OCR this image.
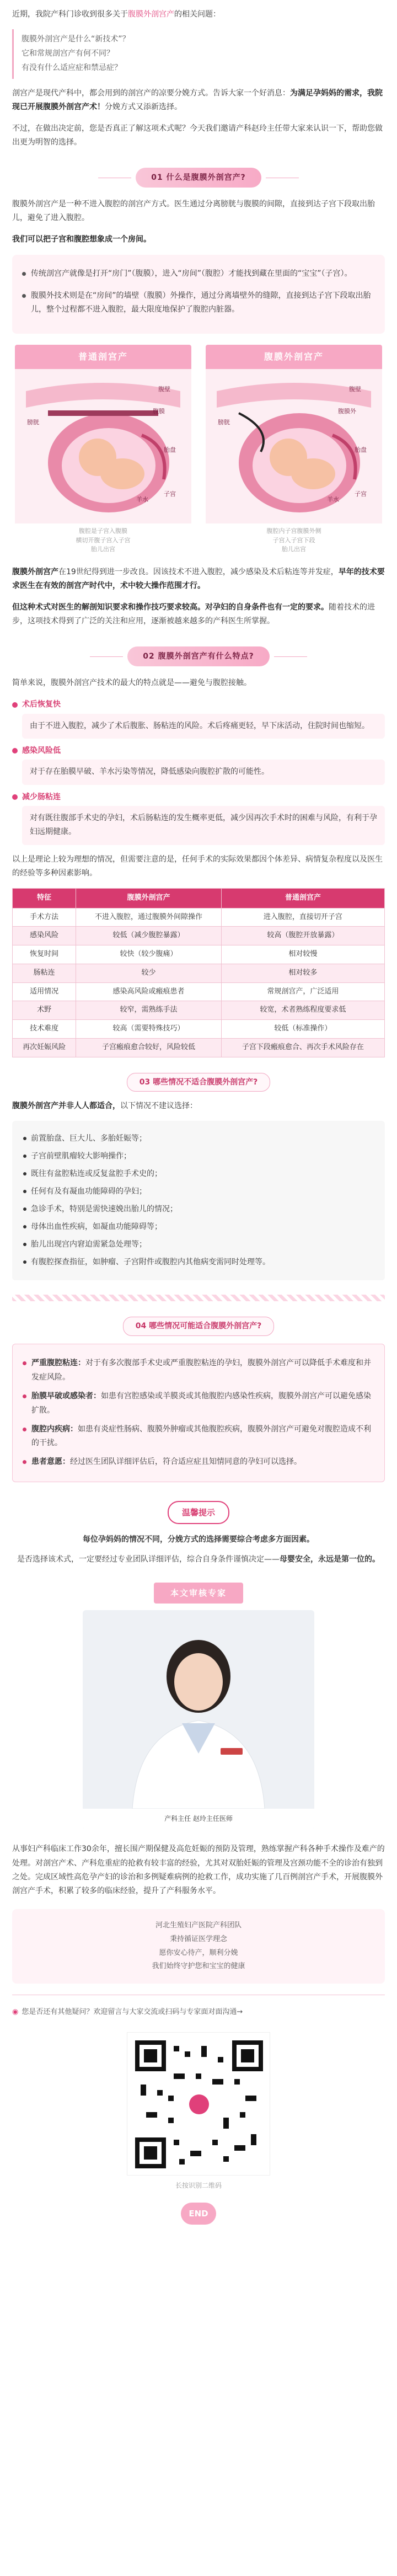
近期，我院产科门诊收到很多关于腹膜外剖宫产的相关问题：

腹膜外剖宫产是什么“新技术”？
它和常规剖宫产有何不同？
有没有什么适应症和禁忌症？

剖宫产是现代产科中，都会用到的剖宫产的凉要分娩方式。告诉大家一个好消息：为满足孕妈妈的需求，我院现已开展腹膜外剖宫产术！分娩方式又添新选择。

不过，在做出决定前，您是否真正了解这项术式呢？今天我们邀请产科赵玲主任带大家来认识一下，帮助您做出更为明智的选择。

01 什么是腹膜外剖宫产?

腹膜外剖宫产是一种不进入腹腔的剖宫产方式。医生通过分离膀胱与腹膜的间隙，直接到达子宫下段取出胎儿，避免了进入腹腔。

我们可以把子宫和腹腔想象成一个房间。

传统剖宫产就像是打开“房门”（腹膜），进入“房间”（腹腔）才能找到藏在里面的“宝宝”（子宫）。
腹膜外技术则是在“房间”的墙壁（腹膜）外操作，通过分离墙壁外的缝隙，直接到达子宫下段取出胎儿，整个过程都不进入腹腔，最大限度地保护了腹腔内脏器。
普通剖宫产
膀胱
腹膜
腹壁
子宫
羊水
胎盘
腹腔是子宫入腹膜
横切开腹子宫入子宫
胎儿出宫
腹膜外剖宫产
膀胱
腹膜外
腹壁
子宫
羊水
胎盘
腹腔内子宫腹膜外侧
子宫入子宫下段
胎儿出宫

腹膜外剖宫产在19世纪得到进一步改良。因该技术不进入腹腔，减少感染及术后粘连等并发症，早年的技术要求医生在有效的剖宫产时代中，术中较大操作范围才行。

但这种术式对医生的解剖知识要求和操作技巧要求较高。对孕妇的自身条件也有一定的要求。随着技术的进步，这项技术得到了广泛的关注和应用，逐渐被越来越多的产科医生所掌握。

02 腹膜外剖宫产有什么特点?

简单来说，腹膜外剖宫产技术的最大的特点就是——避免与腹腔接触。

术后恢复快
由于不进入腹腔，减少了术后腹胀、肠粘连的风险。术后疼痛更轻，早下床活动，住院时间也缩短。
感染风险低
对于存在胎膜早破、羊水污染等情况，降低感染向腹腔扩散的可能性。
减少肠粘连
对有既往腹部手术史的孕妇，术后肠粘连的发生概率更低，减少因再次手术时的困难与风险，有利于孕妇远期健康。

以上是理论上较为理想的情况，但需要注意的是，任何手术的实际效果都因个体差异、病情复杂程度以及医生的经验等多种因素影响。

特征	腹膜外剖宫产	普通剖宫产
手术方法	不进入腹腔，通过腹膜外间隙操作	进入腹腔，直接切开子宫
感染风险	较低（减少腹腔暴露）	较高（腹腔开放暴露）
恢复时间	较快（较少腹痛）	相对较慢
肠粘连	较少	相对较多
适用情况	感染高风险或瘢痕患者	常规剖宫产，广泛适用
术野	较窄，需熟练手法	较宽，术者熟练程度要求低
技术难度	较高（需要特殊技巧）	较低（标准操作）
再次妊娠风险	子宫瘢痕愈合较好，风险较低	子宫下段瘢痕愈合、再次手术风险存在
03 哪些情况不适合腹膜外剖宫产?

腹膜外剖宫产并非人人都适合，以下情况不建议选择：

前置胎盘、巨大儿、多胎妊娠等；
子宫前壁肌瘤较大影响操作；
既往有盆腔粘连或反复盆腔手术史的；
任何有及有凝血功能障碍的孕妇；
急诊手术，特别是需快速娩出胎儿的情况；
母体出血性疾病，如凝血功能障碍等；
胎儿出现宫内窘迫需紧急处理等；
有腹腔探查指征，如肿瘤、子宫附件或腹腔内其他病变需同时处理等。
04 哪些情况可能适合腹膜外剖宫产?
严重腹腔粘连：对于有多次腹部手术史或严重腹腔粘连的孕妇，腹膜外剖宫产可以降低手术难度和并发症风险。
胎膜早破或感染者：如患有宫腔感染或羊膜炎或其他腹腔内感染性疾病，腹膜外剖宫产可以避免感染扩散。
腹腔内疾病：如患有炎症性肠病、腹膜外肿瘤或其他腹腔疾病，腹膜外剖宫产可避免对腹腔造成不利的干扰。
患者意愿：经过医生团队详细评估后，符合适应症且知情同意的孕妇可以选择。
温馨提示

每位孕妈妈的情况不同，分娩方式的选择需要综合考虑多方面因素。

是否选择该术式，一定要经过专业团队详细评估，综合自身条件谨慎决定——母婴安全，永远是第一位的。

本文审核专家
产科主任 赵玲主任医师

从事妇产科临床工作30余年，擅长围产期保健及高危妊娠的预防及管理，熟练掌握产科各种手术操作及难产的处理。对剖宫产术、产科危重症的抢救有较丰富的经验，尤其对双胎妊娠的管理及宫颈功能不全的诊治有独到之处。完成区域性高危孕产妇的诊治和多例疑难病例的抢救工作，成功实施了几百例剖宫产手术，开展腹膜外剖宫产手术，积累了较多的临床经验，提升了产科服务水平。

河北生殖妇产医院产科团队
秉持循证医学理念
愿你安心待产，顺利分娩
我们始终守护您和宝宝的健康
◉ 您是否还有其他疑问？欢迎留言与大家交流或扫码与专家面对面沟通→
长按识别二维码
END
